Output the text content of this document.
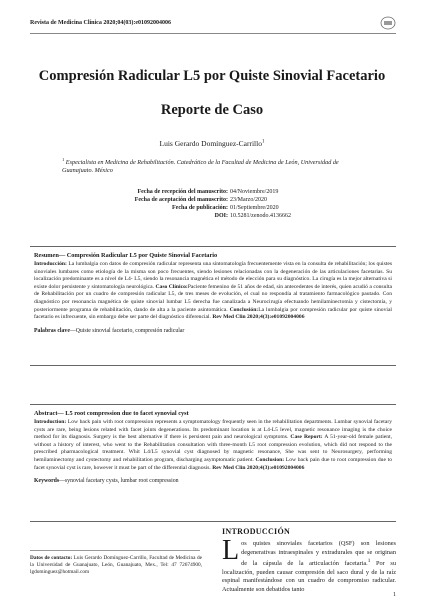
Revista de Medicina Clínica 2020;04(03):e01092004006
Compresión Radicular L5 por Quiste Sinovial Facetario
Reporte de Caso
Luis Gerardo Domínguez-Carrillo$^1$
$^1$ Especialista en Medicina de Rehabilitación. Catedrático de la Facultad de Medicina de León, Universidad de Guanajuato. México
Fecha de recepción del manuscrito: 04/Noviembre/2019
Fecha de aceptación del manuscrito: 23/Marzo/2020
Fecha de publicación: 01/Septiembre/2020
DOI: 10.5281/zenodo.4136662
Resumen— Compresión Radicular L5 por Quiste Sinovial Facetario

Introducción: La lumbalgia con datos de compresión radicular representa una sintomatología frecuentemente vista en la consulta de rehabilitación; los quistes sinoviales lumbares como etiología de la misma son poco frecuentes, siendo lesiones relacionadas con la degeneración de las articulaciones facetarias. Su localización predominante es a nivel de L4- L5, siendo la resonancia magnética el método de elección para su diagnóstico. La cirugía es la mejor alternativa si existe dolor persistente y sintomatología neurológica. Caso Clínico:Paciente femenino de 51 años de edad, sin antecedentes de interés, quien acudió a consulta de Rehabilitación por un cuadro de compresión radicular L5, de tres meses de evolución, el cual no respondía al tratamiento farmacológico pautado. Con diagnóstico por resonancia magnética de quiste sinovial lumbar L5 derecha fue canalizada a Neurocirugía efectuando hemilaminectomía y cistectomía, y posteriormente programa de rehabilitación, dando de alta a la paciente asintomática. Conclusión:La lumbalgia por compresión radicular por quiste sinovial facetario es infrecuente, sin embargo debe ser parte del diagnóstico diferencial. Rev Med Clin 2020;4(3):e01092004006

Palabras clave—Quiste sinovial facetario, compresión radicular

Abstract— L5 root compression due to facet synovial cyst

Introduction: Low back pain with root compression represents a symptomatology frequently seen in the rehabilitation departments. Lumbar synovial facetary cysts are rare, being lesions related with facet joints degenerations. Its predominant location is at L4-L5 level, magnetic resonance imaging is the choice method for its diagnosis. Surgery is the best alternative if there is persistent pain and neurological symptoms. Case Report: A 51-year-old female patient, without a history of interest, who went to the Rehabilitation consultation with three-month L5 root compression evolution, which did not respond to the prescribed pharmacological treatment. Whit L4/L5 synovial cyst diagnosed by magnetic resonance, She was sent to Neurosurgery, performing hemilaminectomy and cystectomy and rehabilitation program, discharging asymptomatic patient. Conclusion: Low back pain due to root compression due to facet synovial cyst is rare, however it must be part of the differential diagnosis. Rev Med Clin 2020;4(3):e01092004006

Keywords—synovial facetary cysts, lumbar root compression

Datos de contacto: Luis Gerardo Domínguez-Carrillo, Facultad de Medicina de la Universidad de Guanajuato, León, Guanajuato, Mex., Tel: 47 72674900, lgdominguez@hotmail.com

INTRODUCCIÓN

Los quistes sinoviales facetarios (QSF) son lesiones degenerativas intraespinales y extradurales que se originan de la cápsula de la articulación facetaria.$^1$ Por su localización, pueden causar compresión del saco dural y de la raíz espinal manifestándose con un cuadro de compromiso radicular. Actualmente son debatidos tanto

1
